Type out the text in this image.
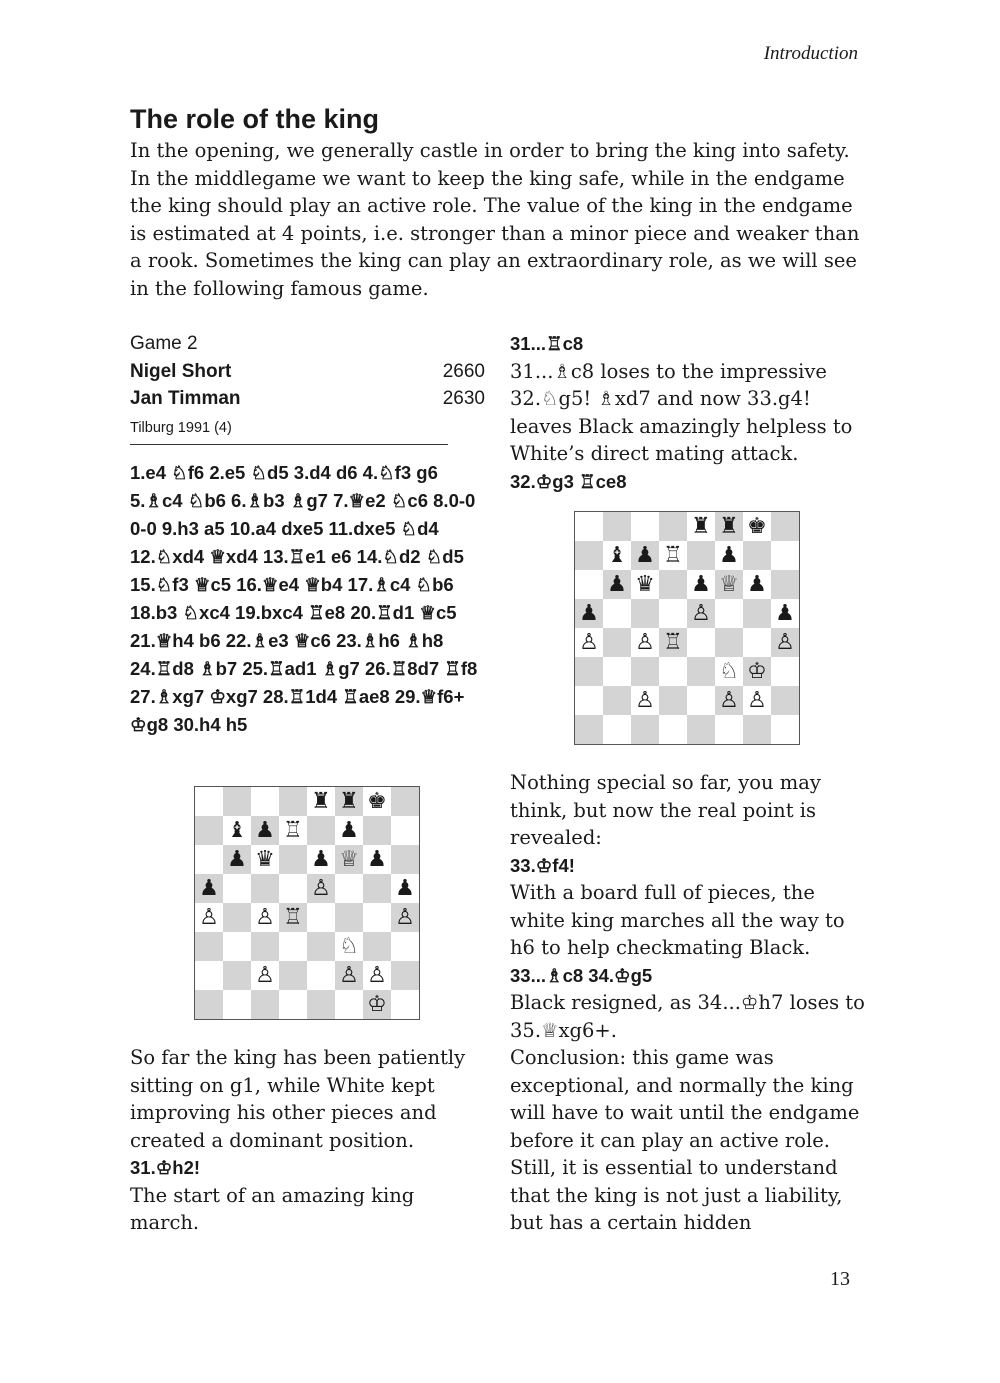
Introduction
The role of the king

In the opening, we generally castle in order to bring the king into safety. In the middlegame we want to keep the king safe, while in the endgame the king should play an active role. The value of the king in the endgame is estimated at 4 points, i.e. stronger than a minor piece and weaker than a rook. Sometimes the king can play an extraordinary role, as we will see in the following famous game.

Game 2
Nigel Short	2660
Jan Timman	2630
Tilburg 1991 (4)
1.e4 ♘f6 2.e5 ♘d5 3.d4 d6 4.♘f3 g6 5.♗c4 ♘b6 6.♗b3 ♗g7 7.♕e2 ♘c6 8.0-0 0-0 9.h3 a5 10.a4 dxe5 11.dxe5 ♘d4 12.♘xd4 ♕xd4 13.♖e1 e6 14.♘d2 ♘d5 15.♘f3 ♕c5 16.♕e4 ♕b4 17.♗c4 ♘b6 18.b3 ♘xc4 19.bxc4 ♖e8 20.♖d1 ♕c5 21.♕h4 b6 22.♗e3 ♕c6 23.♗h6 ♗h8 24.♖d8 ♗b7 25.♖ad1 ♗g7 26.♖8d7 ♖f8 27.♗xg7 ♔xg7 28.♖1d4 ♖ae8 29.♕f6+ ♔g8 30.h4 h5
♜ ♜ ♚
♝ ♟ ♖ ♟
♟ ♛ ♟ ♕ ♟
♟	♙	♟
♙ ♙ ♖	♙
♘
♙	♙ ♙
♔
So far the king has been patiently sitting on g1, while White kept improving his other pieces and created a dominant position.
31.♔h2!
The start of an amazing king march.
31...♖c8
31...♗c8 loses to the impressive 32.♘g5! ♗xd7 and now 33.g4! leaves Black amazingly helpless to White’s direct mating attack.
32.♔g3 ♖ce8
♜ ♜ ♚
♝ ♟ ♖ ♟
♟ ♛ ♟ ♕ ♟
♟	♙	♟
♙ ♙ ♖	♙
♘ ♔
♙	♙ ♙
Nothing special so far, you may think, but now the real point is revealed:
33.♔f4!
With a board full of pieces, the white king marches all the way to h6 to help checkmating Black.
33...♗c8 34.♔g5
Black resigned, as 34...♔h7 loses to 35.♕xg6+.
Conclusion: this game was exceptional, and normally the king will have to wait until the endgame before it can play an active role. Still, it is essential to understand that the king is not just a liability, but has a certain hidden
13
